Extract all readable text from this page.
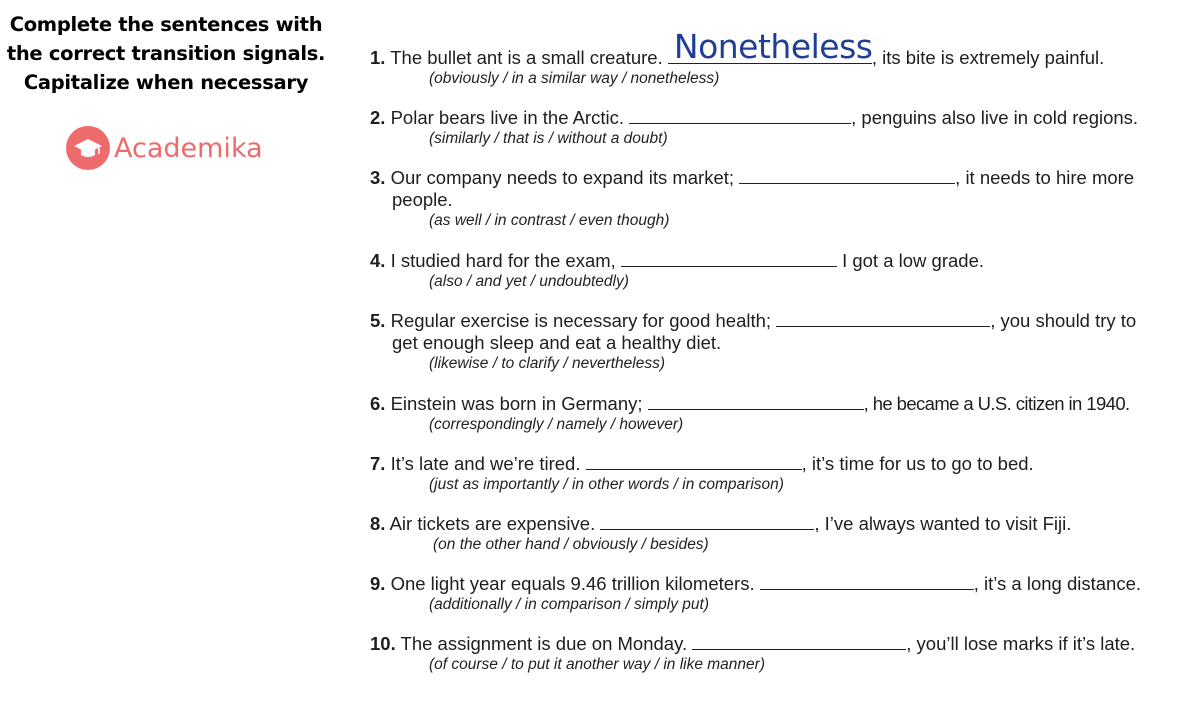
Complete the sentences with
the correct transition signals.
Capitalize when necessary
Academika
1. The bullet ant is a small creature. Nonetheless , its bite is extremely painful.
(obviously / in a similar way / nonetheless)
2. Polar bears live in the Arctic.	, penguins also live in cold regions.
(similarly / that is / without a doubt)
3. Our company needs to expand its market;	, it needs to hire more
people.
(as well / in contrast / even though)
4. I studied hard for the exam,	I got a low grade.
(also / and yet / undoubtedly)
5. Regular exercise is necessary for good health;	, you should try to
get enough sleep and eat a healthy diet.
(likewise / to clarify / nevertheless)
6. Einstein was born in Germany;	, he became a U.S. citizen in 1940.
(correspondingly / namely / however)
7. It’s late and we’re tired.	, it’s time for us to go to bed.
(just as importantly / in other words / in comparison)
8. Air tickets are expensive.	, I’ve always wanted to visit Fiji.
(on the other hand / obviously / besides)
9. One light year equals 9.46 trillion kilometers.	, it’s a long distance.
(additionally / in comparison / simply put)
10. The assignment is due on Monday.	, you’ll lose marks if it’s late.
(of course / to put it another way / in like manner)
